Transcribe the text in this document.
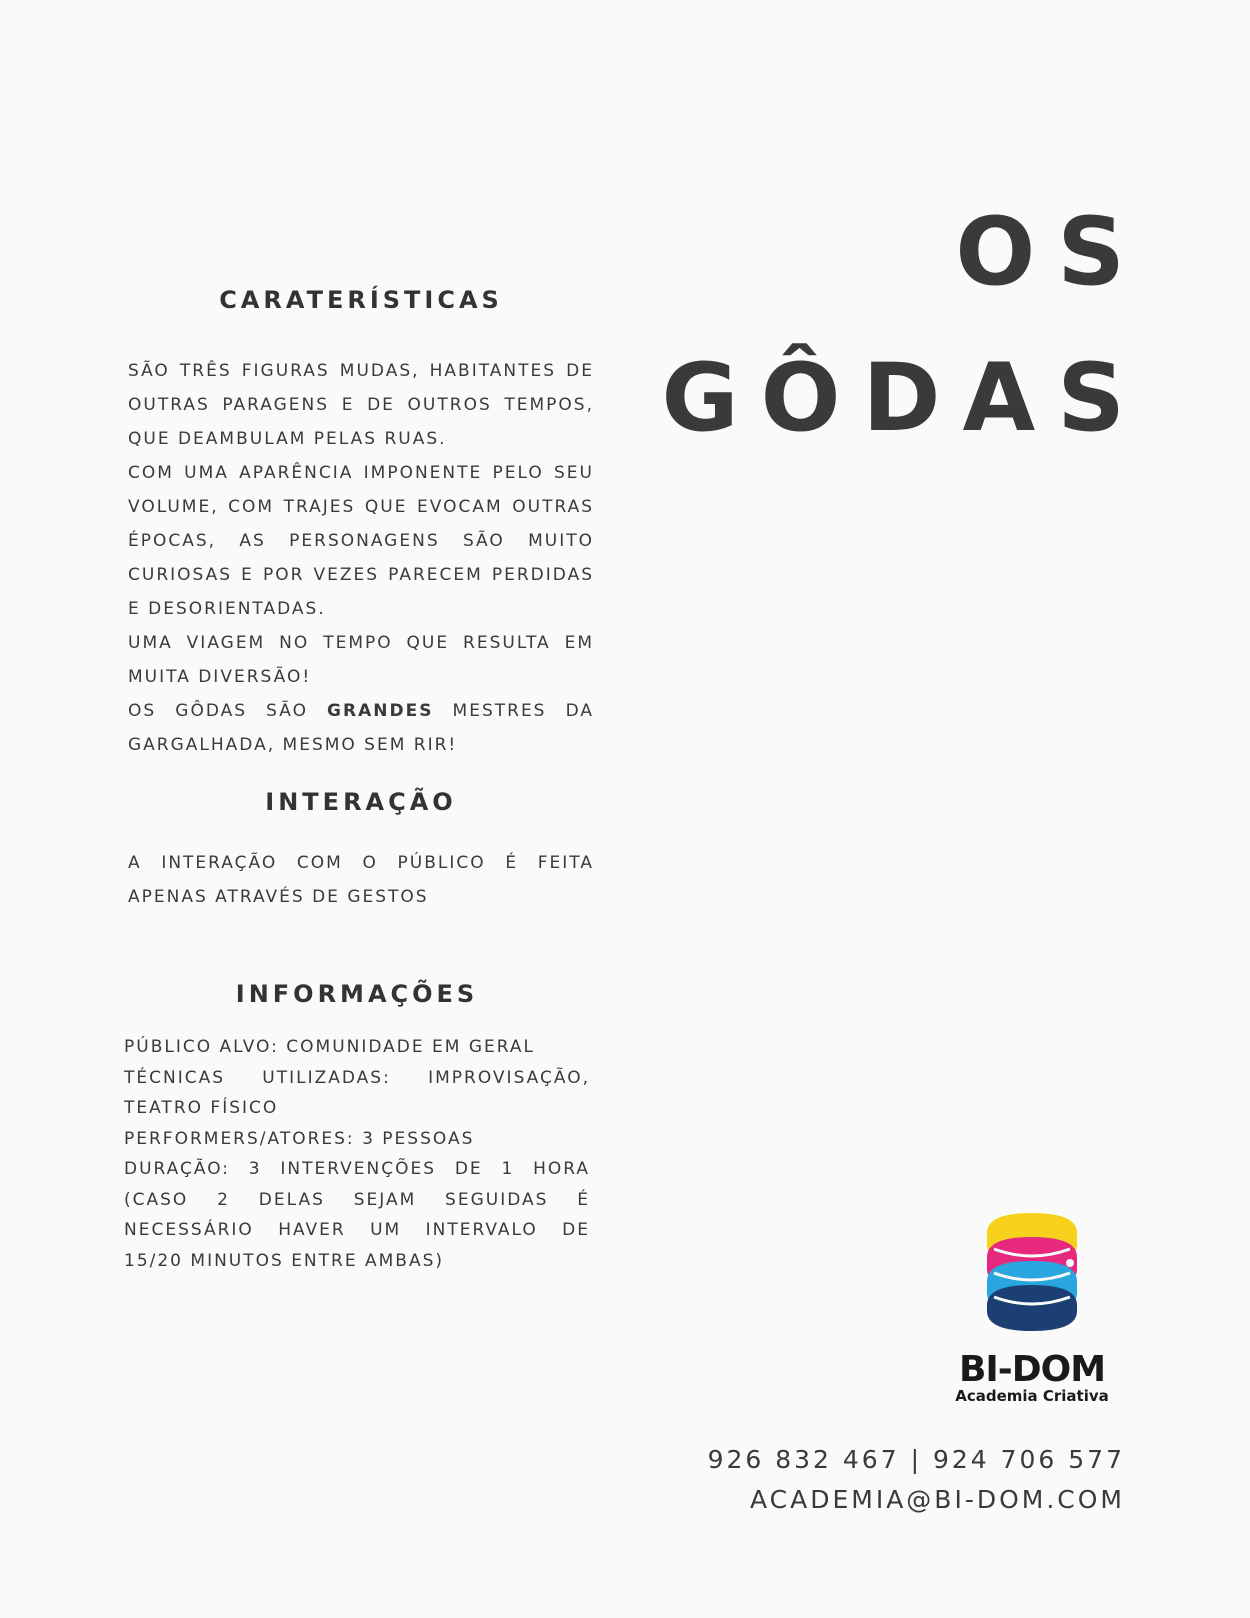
OS
GÔDAS
CARATERÍSTICAS
SÃO TRÊS FIGURAS MUDAS, HABITANTES DE
OUTRAS PARAGENS E DE OUTROS TEMPOS,
QUE DEAMBULAM PELAS RUAS.
COM UMA APARÊNCIA IMPONENTE PELO SEU
VOLUME, COM TRAJES QUE EVOCAM OUTRAS
ÉPOCAS, AS PERSONAGENS SÃO MUITO
CURIOSAS E POR VEZES PARECEM PERDIDAS
E DESORIENTADAS.
UMA VIAGEM NO TEMPO QUE RESULTA EM
MUITA DIVERSÃO!
OS GÔDAS SÃO GRANDES MESTRES DA
GARGALHADA, MESMO SEM RIR!
INTERAÇÃO
A INTERAÇÃO COM O PÚBLICO É FEITA
APENAS ATRAVÉS DE GESTOS
INFORMAÇÕES
PÚBLICO ALVO: COMUNIDADE EM GERAL
TÉCNICAS UTILIZADAS: IMPROVISAÇÃO,
TEATRO FÍSICO
PERFORMERS/ATORES: 3 PESSOAS
DURAÇÃO: 3 INTERVENÇÕES DE 1 HORA
(CASO 2 DELAS SEJAM SEGUIDAS É
NECESSÁRIO HAVER UM INTERVALO DE
15/20 MINUTOS ENTRE AMBAS)
BI-DOM
Academia Criativa
926 832 467 | 924 706 577
ACADEMIA@BI-DOM.COM
